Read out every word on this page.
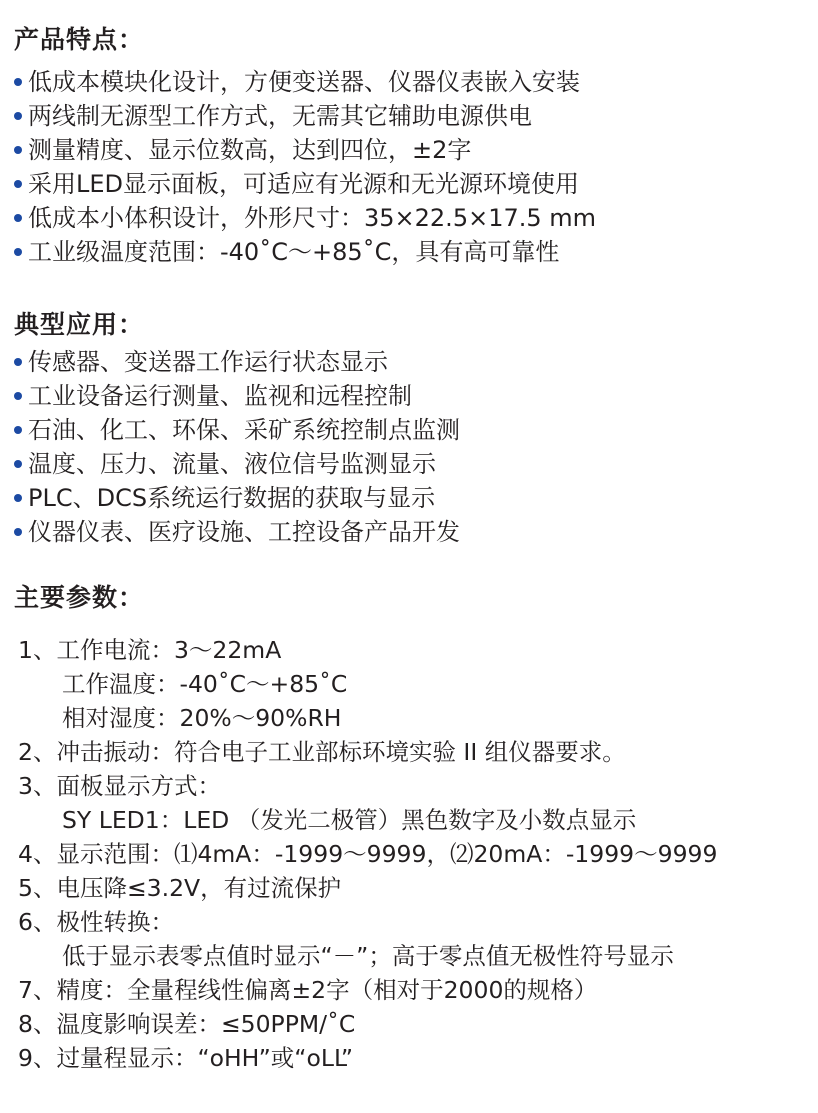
产品特点：
低成本模块化设计，方便变送器、仪器仪表嵌入安装
两线制无源型工作方式，无需其它辅助电源供电
测量精度、显示位数高，达到四位，±2字
采用LED显示面板，可适应有光源和无光源环境使用
低成本小体积设计，外形尺寸：35×22.5×17.5 mm
工业级温度范围：-40˚C～+85˚C，具有高可靠性
典型应用：
传感器、变送器工作运行状态显示
工业设备运行测量、监视和远程控制
石油、化工、环保、采矿系统控制点监测
温度、压力、流量、液位信号监测显示
PLC、DCS系统运行数据的获取与显示
仪器仪表、医疗设施、工控设备产品开发
主要参数：
1、工作电流：3～22mA
工作温度：-40˚C～+85˚C
相对湿度：20%～90%RH
2、冲击振动：符合电子工业部标环境实验 II 组仪器要求。
3、面板显示方式：
SY LED1：LED （发光二极管）黑色数字及小数点显示
4、显示范围：⑴4mA：-1999～9999，⑵20mA：-1999～9999
5、电压降≤3.2V，有过流保护
6、极性转换：
低于显示表零点值时显示“－”；高于零点值无极性符号显示
7、精度：全量程线性偏离±2字（相对于2000的规格）
8、温度影响误差：≤50PPM/˚C
9、过量程显示：“oHH”或“oLL”
